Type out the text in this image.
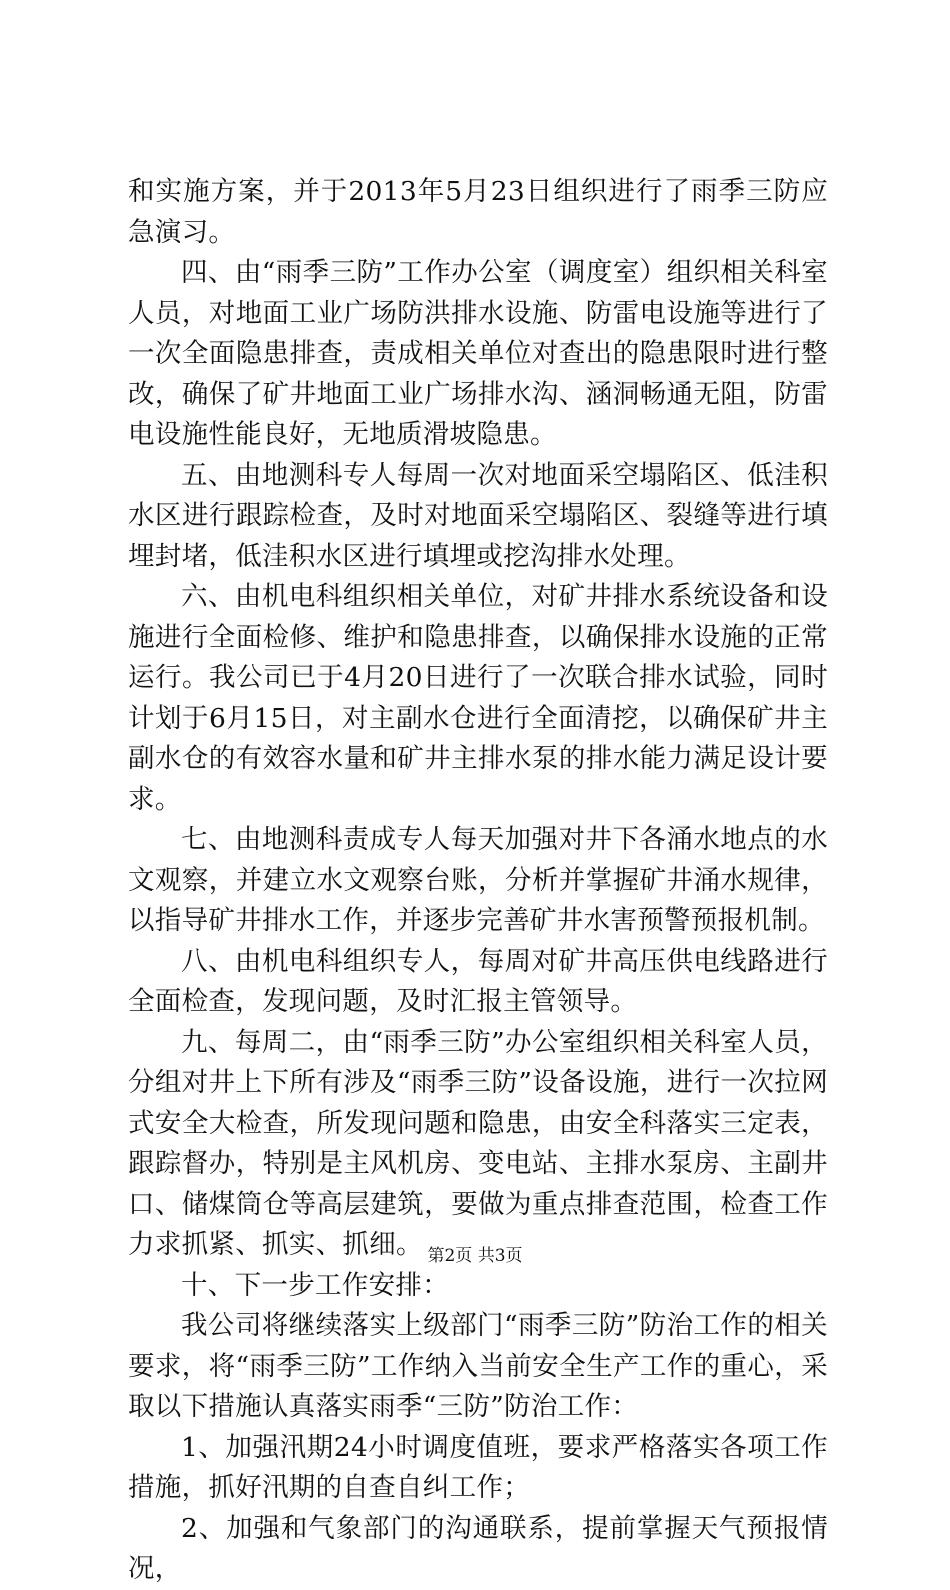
和实施方案，并于2013年5月23日组织进行了雨季三防应急演习。

四、由“雨季三防”工作办公室（调度室）组织相关科室人员，对地面工业广场防洪排水设施、防雷电设施等进行了一次全面隐患排查，责成相关单位对查出的隐患限时进行整改，确保了矿井地面工业广场排水沟、涵洞畅通无阻，防雷电设施性能良好，无地质滑坡隐患。

五、由地测科专人每周一次对地面采空塌陷区、低洼积水区进行跟踪检查，及时对地面采空塌陷区、裂缝等进行填埋封堵，低洼积水区进行填埋或挖沟排水处理。

六、由机电科组织相关单位，对矿井排水系统设备和设施进行全面检修、维护和隐患排查，以确保排水设施的正常运行。我公司已于4月20日进行了一次联合排水试验，同时计划于6月15日，对主副水仓进行全面清挖，以确保矿井主副水仓的有效容水量和矿井主排水泵的排水能力满足设计要求。

七、由地测科责成专人每天加强对井下各涌水地点的水文观察，并建立水文观察台账，分析并掌握矿井涌水规律，以指导矿井排水工作，并逐步完善矿井水害预警预报机制。

八、由机电科组织专人，每周对矿井高压供电线路进行全面检查，发现问题，及时汇报主管领导。

九、每周二，由“雨季三防”办公室组织相关科室人员，分组对井上下所有涉及“雨季三防”设备设施，进行一次拉网式安全大检查，所发现问题和隐患，由安全科落实三定表，跟踪督办，特别是主风机房、变电站、主排水泵房、主副井口、储煤筒仓等高层建筑，要做为重点排查范围，检查工作力求抓紧、抓实、抓细。

十、下一步工作安排：

我公司将继续落实上级部门“雨季三防”防治工作的相关要求，将“雨季三防”工作纳入当前安全生产工作的重心，采取以下措施认真落实雨季“三防”防治工作：

1、加强汛期24小时调度值班，要求严格落实各项工作措施，抓好汛期的自查自纠工作；

2、加强和气象部门的沟通联系，提前掌握天气预报情况，

第2页 共3页
